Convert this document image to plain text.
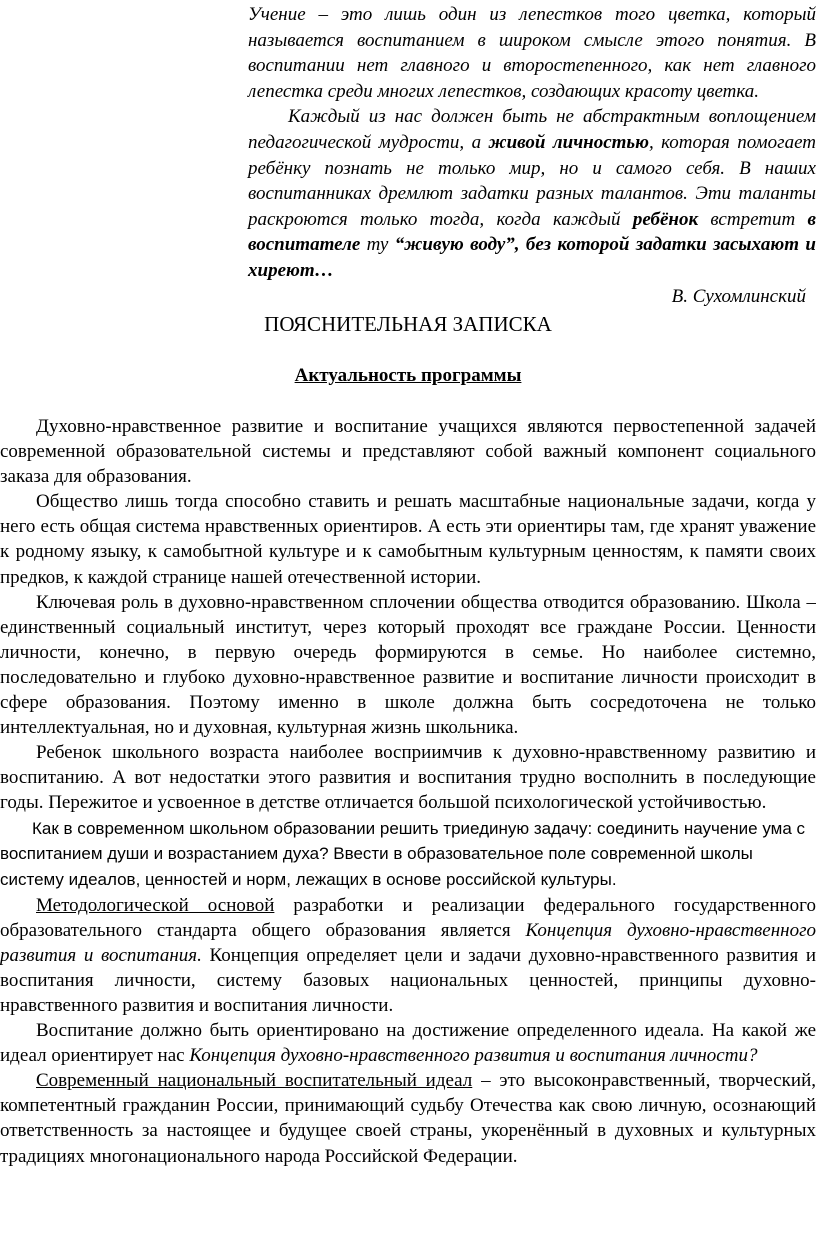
Учение – это лишь один из лепестков того цветка, который называется воспитанием в широком смысле этого понятия. В воспитании нет главного и второстепенного, как нет главного лепестка среди многих лепестков, создающих красоту цветка.

Каждый из нас должен быть не абстрактным воплощением педагогической мудрости, а живой личностью, которая помогает ребёнку познать не только мир, но и самого себя. В наших воспитанниках дремлют задатки разных талантов. Эти таланты раскроются только тогда, когда каждый ребёнок встретит в воспитателе ту “живую воду”, без которой задатки засыхают и хиреют…

В. Сухомлинский

ПОЯСНИТЕЛЬНАЯ ЗАПИСКА
Актуальность программы

Духовно-нравственное развитие и воспитание учащихся являются первостепенной задачей современной образовательной системы и представляют собой важный компонент социального заказа для образования.

Общество лишь тогда способно ставить и решать масштабные национальные задачи, когда у него есть общая система нравственных ориентиров. А есть эти ориентиры там, где хранят уважение к родному языку, к самобытной культуре и к самобытным культурным ценностям, к памяти своих предков, к каждой странице нашей отечественной истории.

Ключевая роль в духовно-нравственном сплочении общества отводится образованию. Школа – единственный социальный институт, через который проходят все граждане России. Ценности личности, конечно, в первую очередь формируются в семье. Но наиболее системно, последовательно и глубоко духовно-нравственное развитие и воспитание личности происходит в сфере образования. Поэтому именно в школе должна быть сосредоточена не только интеллектуальная, но и духовная, культурная жизнь школьника.

Ребенок школьного возраста наиболее восприимчив к духовно-нравственному развитию и воспитанию. А вот недостатки этого развития и воспитания трудно восполнить в последующие годы. Пережитое и усвоенное в детстве отличается большой психологической устойчивостью.

Как в современном школьном образовании решить триединую задачу: соединить научение ума с воспитанием души и возрастанием духа? Ввести в образовательное поле современной школы систему идеалов, ценностей и норм, лежащих в основе российской культуры.

Методологической основой разработки и реализации федерального государственного образовательного стандарта общего образования является Концепция духовно-нравственного развития и воспитания. Концепция определяет цели и задачи духовно-нравственного развития и воспитания личности, систему базовых национальных ценностей, принципы духовно-нравственного развития и воспитания личности.

Воспитание должно быть ориентировано на достижение определенного идеала. На какой же идеал ориентирует нас Концепция духовно-нравственного развития и воспитания личности?

Современный национальный воспитательный идеал – это высоконравственный, творческий, компетентный гражданин России, принимающий судьбу Отечества как свою личную, осознающий ответственность за настоящее и будущее своей страны, укоренённый в духовных и культурных традициях многонационального народа Российской Федерации.
